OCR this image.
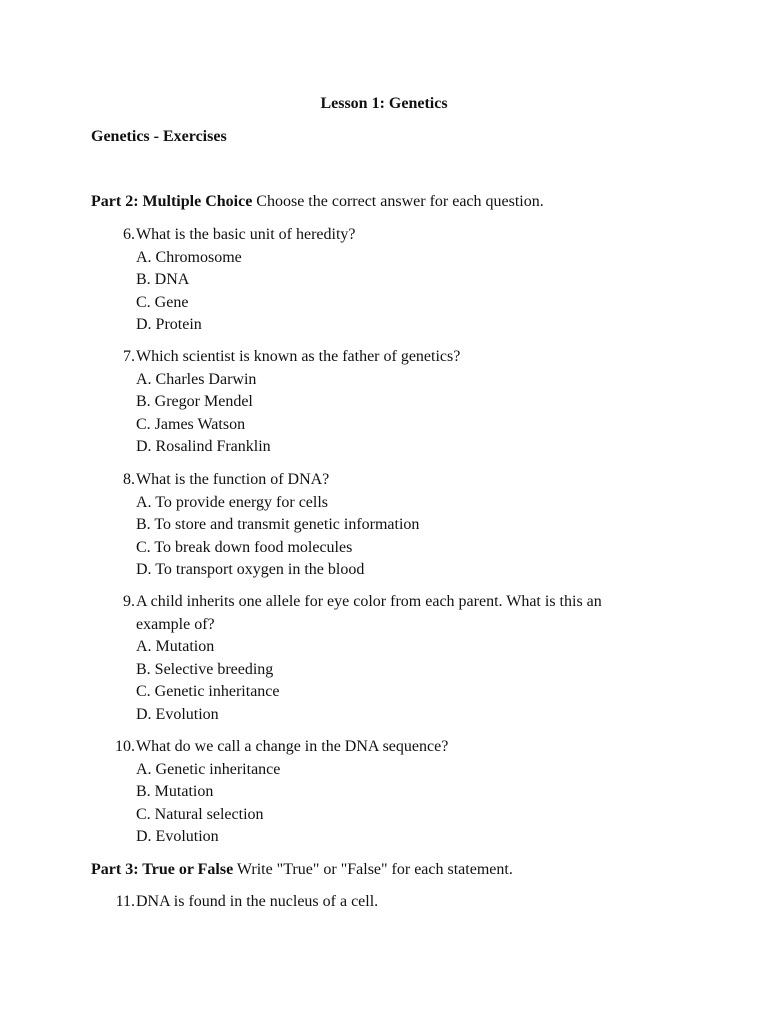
Lesson 1: Genetics
Genetics - Exercises
Part 2: Multiple Choice Choose the correct answer for each question.
6. What is the basic unit of heredity?
A. Chromosome
B. DNA
C. Gene
D. Protein
7. Which scientist is known as the father of genetics?
A. Charles Darwin
B. Gregor Mendel
C. James Watson
D. Rosalind Franklin
8. What is the function of DNA?
A. To provide energy for cells
B. To store and transmit genetic information
C. To break down food molecules
D. To transport oxygen in the blood
9. A child inherits one allele for eye color from each parent. What is this an
example of?
A. Mutation
B. Selective breeding
C. Genetic inheritance
D. Evolution
10. What do we call a change in the DNA sequence?
A. Genetic inheritance
B. Mutation
C. Natural selection
D. Evolution
Part 3: True or False Write "True" or "False" for each statement.
11. DNA is found in the nucleus of a cell.
